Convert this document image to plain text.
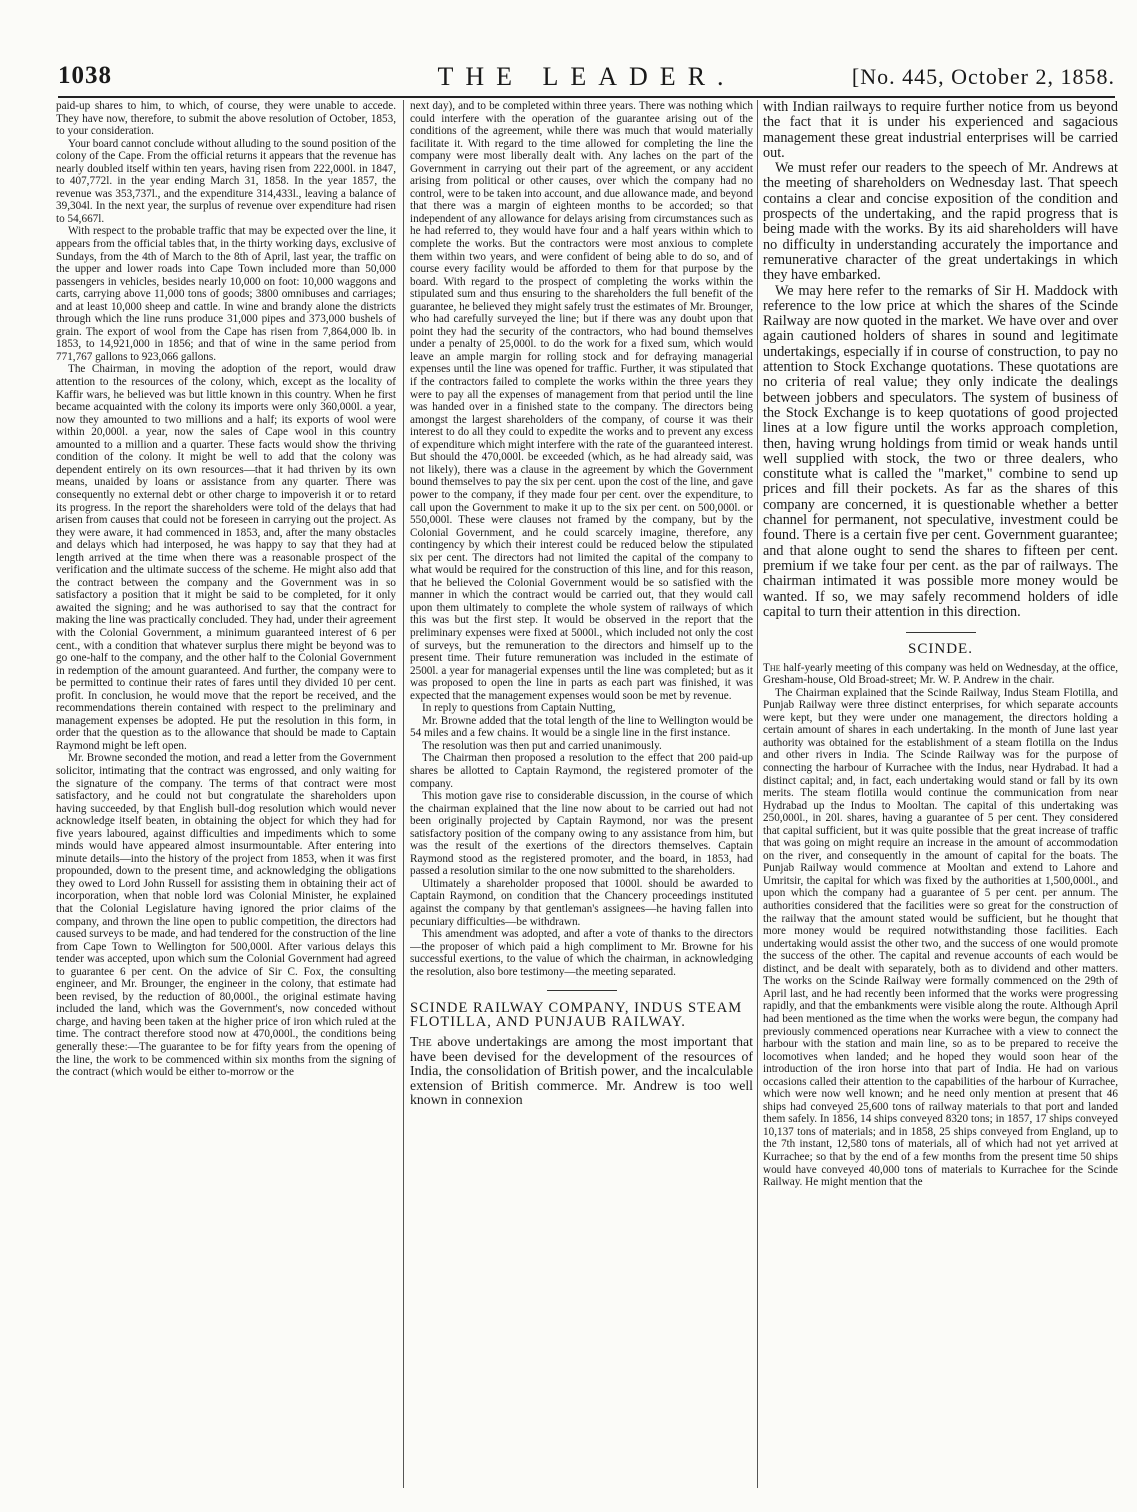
1038	THE LEADER.	[No. 445, October 2, 1858.

paid-up shares to him, to which, of course, they were unable to accede. They have now, therefore, to submit the above resolution of October, 1853, to your consideration.

Your board cannot conclude without alluding to the sound position of the colony of the Cape. From the official returns it appears that the revenue has nearly doubled itself within ten years, having risen from 222,000l. in 1847, to 407,772l. in the year ending March 31, 1858. In the year 1857, the revenue was 353,737l., and the expenditure 314,433l., leaving a balance of 39,304l. In the next year, the surplus of revenue over expenditure had risen to 54,667l.

With respect to the probable traffic that may be expected over the line, it appears from the official tables that, in the thirty working days, exclusive of Sundays, from the 4th of March to the 8th of April, last year, the traffic on the upper and lower roads into Cape Town included more than 50,000 passengers in vehicles, besides nearly 10,000 on foot: 10,000 waggons and carts, carrying above 11,000 tons of goods; 3800 omnibuses and carriages; and at least 10,000 sheep and cattle. In wine and brandy alone the districts through which the line runs produce 31,000 pipes and 373,000 bushels of grain. The export of wool from the Cape has risen from 7,864,000 lb. in 1853, to 14,921,000 in 1856; and that of wine in the same period from 771,767 gallons to 923,066 gallons.

The Chairman, in moving the adoption of the report, would draw attention to the resources of the colony, which, except as the locality of Kaffir wars, he believed was but little known in this country. When he first became acquainted with the colony its imports were only 360,000l. a year, now they amounted to two millions and a half; its exports of wool were within 20,000l. a year, now the sales of Cape wool in this country amounted to a million and a quarter. These facts would show the thriving condition of the colony. It might be well to add that the colony was dependent entirely on its own resources—that it had thriven by its own means, unaided by loans or assistance from any quarter. There was consequently no external debt or other charge to impoverish it or to retard its progress. In the report the shareholders were told of the delays that had arisen from causes that could not be foreseen in carrying out the project. As they were aware, it had commenced in 1853, and, after the many obstacles and delays which had interposed, he was happy to say that they had at length arrived at the time when there was a reasonable prospect of the verification and the ultimate success of the scheme. He might also add that the contract between the company and the Government was in so satisfactory a position that it might be said to be completed, for it only awaited the signing; and he was authorised to say that the contract for making the line was practically concluded. They had, under their agreement with the Colonial Government, a minimum guaranteed interest of 6 per cent., with a condition that whatever surplus there might be beyond was to go one-half to the company, and the other half to the Colonial Government in redemption of the amount guaranteed. And further, the company were to be permitted to continue their rates of fares until they divided 10 per cent. profit. In conclusion, he would move that the report be received, and the recommendations therein contained with respect to the preliminary and management expenses be adopted. He put the resolution in this form, in order that the question as to the allowance that should be made to Captain Raymond might be left open.

Mr. Browne seconded the motion, and read a letter from the Government solicitor, intimating that the contract was engrossed, and only waiting for the signature of the company. The terms of that contract were most satisfactory, and he could not but congratulate the shareholders upon having succeeded, by that English bull-dog resolution which would never acknowledge itself beaten, in obtaining the object for which they had for five years laboured, against difficulties and impediments which to some minds would have appeared almost insurmountable. After entering into minute details—into the history of the project from 1853, when it was first propounded, down to the present time, and acknowledging the obligations they owed to Lord John Russell for assisting them in obtaining their act of incorporation, when that noble lord was Colonial Minister, he explained that the Colonial Legislature having ignored the prior claims of the company, and thrown the line open to public competition, the directors had caused surveys to be made, and had tendered for the construction of the line from Cape Town to Wellington for 500,000l. After various delays this tender was accepted, upon which sum the Colonial Government had agreed to guarantee 6 per cent. On the advice of Sir C. Fox, the consulting engineer, and Mr. Brounger, the engineer in the colony, that estimate had been revised, by the reduction of 80,000l., the original estimate having included the land, which was the Government's, now conceded without charge, and having been taken at the higher price of iron which ruled at the time. The contract therefore stood now at 470,000l., the conditions being generally these:—The guarantee to be for fifty years from the opening of the line, the work to be commenced within six months from the signing of the contract (which would be either to-morrow or the

next day), and to be completed within three years. There was nothing which could interfere with the operation of the guarantee arising out of the conditions of the agreement, while there was much that would materially facilitate it. With regard to the time allowed for completing the line the company were most liberally dealt with. Any laches on the part of the Government in carrying out their part of the agreement, or any accident arising from political or other causes, over which the company had no control, were to be taken into account, and due allowance made, and beyond that there was a margin of eighteen months to be accorded; so that independent of any allowance for delays arising from circumstances such as he had referred to, they would have four and a half years within which to complete the works. But the contractors were most anxious to complete them within two years, and were confident of being able to do so, and of course every facility would be afforded to them for that purpose by the board. With regard to the prospect of completing the works within the stipulated sum and thus ensuring to the shareholders the full benefit of the guarantee, he believed they might safely trust the estimates of Mr. Brounger, who had carefully surveyed the line; but if there was any doubt upon that point they had the security of the contractors, who had bound themselves under a penalty of 25,000l. to do the work for a fixed sum, which would leave an ample margin for rolling stock and for defraying managerial expenses until the line was opened for traffic. Further, it was stipulated that if the contractors failed to complete the works within the three years they were to pay all the expenses of management from that period until the line was handed over in a finished state to the company. The directors being amongst the largest shareholders of the company, of course it was their interest to do all they could to expedite the works and to prevent any excess of expenditure which might interfere with the rate of the guaranteed interest. But should the 470,000l. be exceeded (which, as he had already said, was not likely), there was a clause in the agreement by which the Government bound themselves to pay the six per cent. upon the cost of the line, and gave power to the company, if they made four per cent. over the expenditure, to call upon the Government to make it up to the six per cent. on 500,000l. or 550,000l. These were clauses not framed by the company, but by the Colonial Government, and he could scarcely imagine, therefore, any contingency by which their interest could be reduced below the stipulated six per cent. The directors had not limited the capital of the company to what would be required for the construction of this line, and for this reason, that he believed the Colonial Government would be so satisfied with the manner in which the contract would be carried out, that they would call upon them ultimately to complete the whole system of railways of which this was but the first step. It would be observed in the report that the preliminary expenses were fixed at 5000l., which included not only the cost of surveys, but the remuneration to the directors and himself up to the present time. Their future remuneration was included in the estimate of 2500l. a year for managerial expenses until the line was completed; but as it was proposed to open the line in parts as each part was finished, it was expected that the management expenses would soon be met by revenue.

In reply to questions from Captain Nutting,

Mr. Browne added that the total length of the line to Wellington would be 54 miles and a few chains. It would be a single line in the first instance.

The resolution was then put and carried unanimously.

The Chairman then proposed a resolution to the effect that 200 paid-up shares be allotted to Captain Raymond, the registered promoter of the company.

This motion gave rise to considerable discussion, in the course of which the chairman explained that the line now about to be carried out had not been originally projected by Captain Raymond, nor was the present satisfactory position of the company owing to any assistance from him, but was the result of the exertions of the directors themselves. Captain Raymond stood as the registered promoter, and the board, in 1853, had passed a resolution similar to the one now submitted to the shareholders.

Ultimately a shareholder proposed that 1000l. should be awarded to Captain Raymond, on condition that the Chancery proceedings instituted against the company by that gentleman's assignees—he having fallen into pecuniary difficulties—be withdrawn.

This amendment was adopted, and after a vote of thanks to the directors—the proposer of which paid a high compliment to Mr. Browne for his successful exertions, to the value of which the chairman, in acknowledging the resolution, also bore testimony—the meeting separated.

SCINDE RAILWAY COMPANY, INDUS STEAM FLOTILLA, AND PUNJAUB RAILWAY.

The above undertakings are among the most important that have been devised for the development of the resources of India, the consolidation of British power, and the incalculable extension of British commerce. Mr. Andrew is too well known in connexion

with Indian railways to require further notice from us beyond the fact that it is under his experienced and sagacious management these great industrial enterprises will be carried out.

We must refer our readers to the speech of Mr. Andrews at the meeting of shareholders on Wednesday last. That speech contains a clear and concise exposition of the condition and prospects of the undertaking, and the rapid progress that is being made with the works. By its aid shareholders will have no difficulty in understanding accurately the importance and remunerative character of the great undertakings in which they have embarked.

We may here refer to the remarks of Sir H. Maddock with reference to the low price at which the shares of the Scinde Railway are now quoted in the market. We have over and over again cautioned holders of shares in sound and legitimate undertakings, especially if in course of construction, to pay no attention to Stock Exchange quotations. These quotations are no criteria of real value; they only indicate the dealings between jobbers and speculators. The system of business of the Stock Exchange is to keep quotations of good projected lines at a low figure until the works approach completion, then, having wrung holdings from timid or weak hands until well supplied with stock, the two or three dealers, who constitute what is called the "market," combine to send up prices and fill their pockets. As far as the shares of this company are concerned, it is questionable whether a better channel for permanent, not speculative, investment could be found. There is a certain five per cent. Government guarantee; and that alone ought to send the shares to fifteen per cent. premium if we take four per cent. as the par of railways. The chairman intimated it was possible more money would be wanted. If so, we may safely recommend holders of idle capital to turn their attention in this direction.

SCINDE.

The half-yearly meeting of this company was held on Wednesday, at the office, Gresham-house, Old Broad-street; Mr. W. P. Andrew in the chair.

The Chairman explained that the Scinde Railway, Indus Steam Flotilla, and Punjab Railway were three distinct enterprises, for which separate accounts were kept, but they were under one management, the directors holding a certain amount of shares in each undertaking. In the month of June last year authority was obtained for the establishment of a steam flotilla on the Indus and other rivers in India. The Scinde Railway was for the purpose of connecting the harbour of Kurrachee with the Indus, near Hydrabad. It had a distinct capital; and, in fact, each undertaking would stand or fall by its own merits. The steam flotilla would continue the communication from near Hydrabad up the Indus to Mooltan. The capital of this undertaking was 250,000l., in 20l. shares, having a guarantee of 5 per cent. They considered that capital sufficient, but it was quite possible that the great increase of traffic that was going on might require an increase in the amount of accommodation on the river, and consequently in the amount of capital for the boats. The Punjab Railway would commence at Mooltan and extend to Lahore and Umritsir, the capital for which was fixed by the authorities at 1,500,000l., and upon which the company had a guarantee of 5 per cent. per annum. The authorities considered that the facilities were so great for the construction of the railway that the amount stated would be sufficient, but he thought that more money would be required notwithstanding those facilities. Each undertaking would assist the other two, and the success of one would promote the success of the other. The capital and revenue accounts of each would be distinct, and be dealt with separately, both as to dividend and other matters. The works on the Scinde Railway were formally commenced on the 29th of April last, and he had recently been informed that the works were progressing rapidly, and that the embankments were visible along the route. Although April had been mentioned as the time when the works were begun, the company had previously commenced operations near Kurrachee with a view to connect the harbour with the station and main line, so as to be prepared to receive the locomotives when landed; and he hoped they would soon hear of the introduction of the iron horse into that part of India. He had on various occasions called their attention to the capabilities of the harbour of Kurrachee, which were now well known; and he need only mention at present that 46 ships had conveyed 25,600 tons of railway materials to that port and landed them safely. In 1856, 14 ships conveyed 8320 tons; in 1857, 17 ships conveyed 10,137 tons of materials; and in 1858, 25 ships conveyed from England, up to the 7th instant, 12,580 tons of materials, all of which had not yet arrived at Kurrachee; so that by the end of a few months from the present time 50 ships would have conveyed 40,000 tons of materials to Kurrachee for the Scinde Railway. He might mention that the
